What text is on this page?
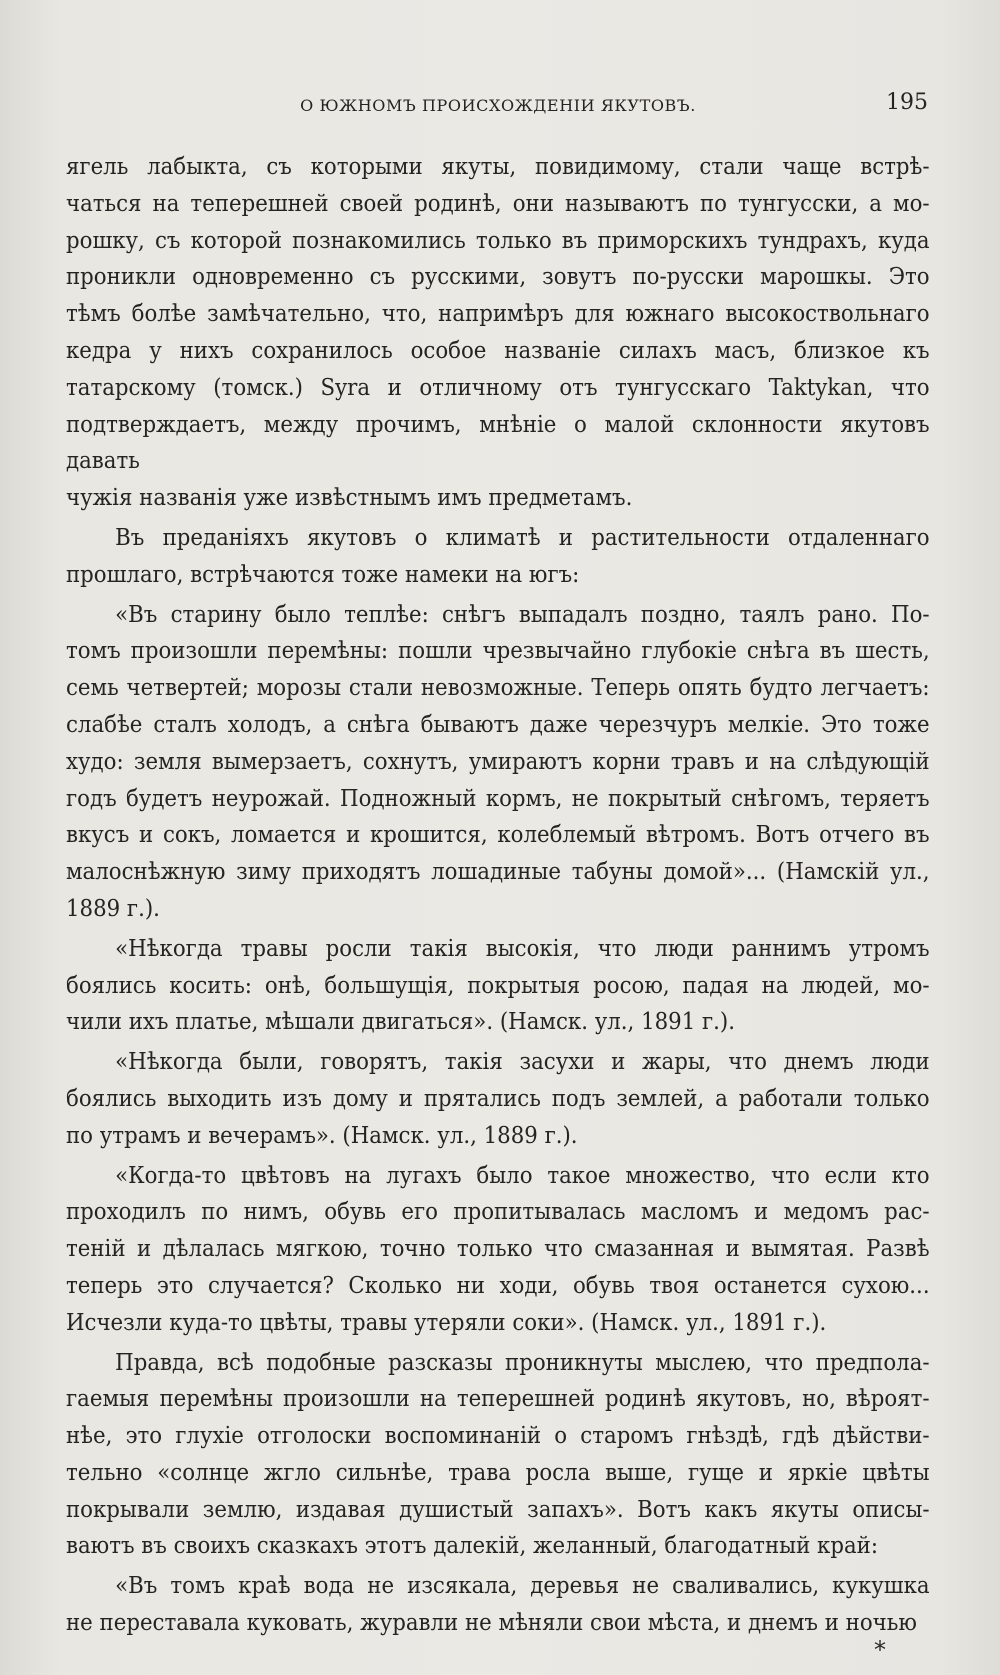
О ЮЖНОМЪ ПРОИСХОЖДЕНІИ ЯКУТОВЪ.	195

ягель лабыкта, съ которыми якуты, повидимому, стали чаще встрѣ-
чаться на теперешней своей родинѣ, они называютъ по тунгусски, а мо-
рошку, съ которой познакомились только въ приморскихъ тундрахъ, куда
проникли одновременно съ русскими, зовутъ по-русски марошкы. Это
тѣмъ болѣе замѣчательно, что, напримѣръ для южнаго высокоствольнаго
кедра у нихъ сохранилось особое названіе силахъ масъ, близкое къ
татарскому (томск.) Syra и отличному отъ тунгусскаго Taktykan, что
подтверждаетъ, между прочимъ, мнѣніе о малой склонности якутовъ давать
чужія названія уже извѣстнымъ имъ предметамъ.

Въ преданіяхъ якутовъ о климатѣ и растительности отдаленнаго
прошлаго, встрѣчаются тоже намеки на югъ:

«Въ старину было теплѣе: снѣгъ выпадалъ поздно, таялъ рано. По-
томъ произошли перемѣны: пошли чрезвычайно глубокіе снѣга въ шесть,
семь четвертей; морозы стали невозможные. Теперь опять будто легчаетъ:
слабѣе сталъ холодъ, а снѣга бываютъ даже черезчуръ мелкіе. Это тоже
худо: земля вымерзаетъ, сохнутъ, умираютъ корни травъ и на слѣдующій
годъ будетъ неурожай. Подножный кормъ, не покрытый снѣгомъ, теряетъ
вкусъ и сокъ, ломается и крошится, колеблемый вѣтромъ. Вотъ отчего въ
малоснѣжную зиму приходятъ лошадиные табуны домой»... (Намскій ул.,
1889 г.).

«Нѣкогда травы росли такія высокія, что люди раннимъ утромъ
боялись косить: онѣ, большущія, покрытыя росою, падая на людей, мо-
чили ихъ платье, мѣшали двигаться». (Намск. ул., 1891 г.).

«Нѣкогда были, говорятъ, такія засухи и жары, что днемъ люди
боялись выходить изъ дому и прятались подъ землей, а работали только
по утрамъ и вечерамъ». (Намск. ул., 1889 г.).

«Когда-то цвѣтовъ на лугахъ было такое множество, что если кто
проходилъ по нимъ, обувь его пропитывалась масломъ и медомъ рас-
теній и дѣлалась мягкою, точно только что смазанная и вымятая. Развѣ
теперь это случается? Сколько ни ходи, обувь твоя останется сухою...
Исчезли куда-то цвѣты, травы утеряли соки». (Намск. ул., 1891 г.).

Правда, всѣ подобные разсказы проникнуты мыслею, что предпола-
гаемыя перемѣны произошли на теперешней родинѣ якутовъ, но, вѣроят-
нѣе, это глухіе отголоски воспоминаній о старомъ гнѣздѣ, гдѣ дѣйстви-
тельно «солнце жгло сильнѣе, трава росла выше, гуще и яркіе цвѣты
покрывали землю, издавая душистый запахъ». Вотъ какъ якуты описы-
ваютъ въ своихъ сказкахъ этотъ далекій, желанный, благодатный край:

«Въ томъ краѣ вода не изсякала, деревья не сваливались, кукушка
не переставала куковать, журавли не мѣняли свои мѣста, и днемъ и ночью

*
